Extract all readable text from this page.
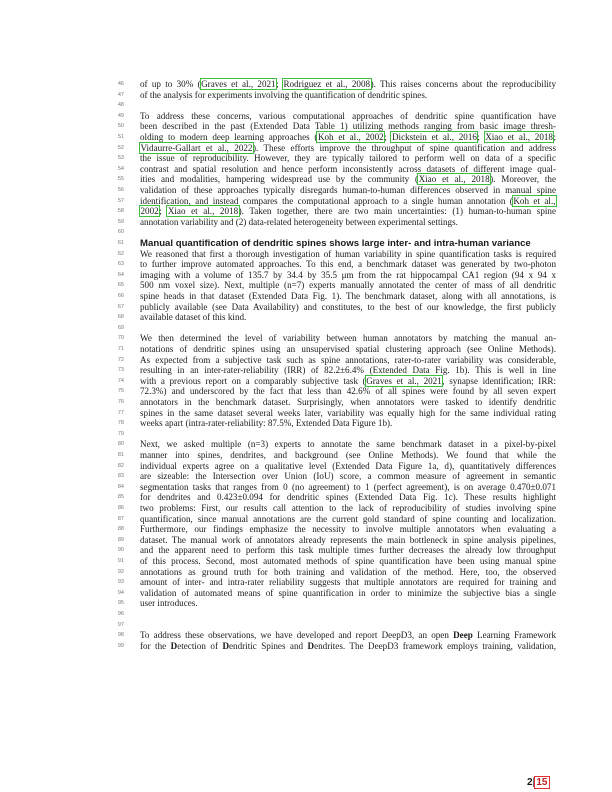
46 of up to 30% (Graves et al., 2021; Rodriguez et al., 2008). This raises concerns about the reproducibility
47 of the analysis for experiments involving the quantification of dendritic spines.
48
49 To address these concerns, various computational approaches of dendritic spine quantification have
50 been described in the past (Extended Data Table 1) utilizing methods ranging from basic image thresh-
51 olding to modern deep learning approaches (Koh et al., 2002; Dickstein et al., 2016; Xiao et al., 2018;
52 Vidaurre-Gallart et al., 2022). These efforts improve the throughput of spine quantification and address
53 the issue of reproducibility. However, they are typically tailored to perform well on data of a specific
54 contrast and spatial resolution and hence perform inconsistently across datasets of different image qual-
55 ities and modalities, hampering widespread use by the community (Xiao et al., 2018). Moreover, the
56 validation of these approaches typically disregards human-to-human differences observed in manual spine
57 identification, and instead compares the computational approach to a single human annotation (Koh et al.,
58 2002; Xiao et al., 2018). Taken together, there are two main uncertainties: (1) human-to-human spine
59 annotation variability and (2) data-related heterogeneity between experimental settings.
60
61 Manual quantification of dendritic spines shows large inter- and intra-human variance
62 We reasoned that first a thorough investigation of human variability in spine quantification tasks is required
63 to further improve automated approaches. To this end, a benchmark dataset was generated by two-photon
64 imaging with a volume of 135.7 by 34.4 by 35.5 μm from the rat hippocampal CA1 region (94 x 94 x
65 500 nm voxel size). Next, multiple (n=7) experts manually annotated the center of mass of all dendritic
66 spine heads in that dataset (Extended Data Fig. 1). The benchmark dataset, along with all annotations, is
67 publicly available (see Data Availability) and constitutes, to the best of our knowledge, the first publicly
68 available dataset of this kind.
69
70 We then determined the level of variability between human annotators by matching the manual an-
71 notations of dendritic spines using an unsupervised spatial clustering approach (see Online Methods).
72 As expected from a subjective task such as spine annotations, rater-to-rater variability was considerable,
73 resulting in an inter-rater-reliability (IRR) of 82.2±6.4% (Extended Data Fig. 1b). This is well in line
74 with a previous report on a comparably subjective task (Graves et al., 2021, synapse identification; IRR:
75 72.3%) and underscored by the fact that less than 42.6% of all spines were found by all seven expert
76 annotators in the benchmark dataset. Surprisingly, when annotators were tasked to identify dendritic
77 spines in the same dataset several weeks later, variability was equally high for the same individual rating
78 weeks apart (intra-rater-reliability: 87.5%, Extended Data Figure 1b).
79
80 Next, we asked multiple (n=3) experts to annotate the same benchmark dataset in a pixel-by-pixel
81 manner into spines, dendrites, and background (see Online Methods). We found that while the
82 individual experts agree on a qualitative level (Extended Data Figure 1a, d), quantitatively differences
83 are sizeable: the Intersection over Union (IoU) score, a common measure of agreement in semantic
84 segmentation tasks that ranges from 0 (no agreement) to 1 (perfect agreement), is on average 0.470±0.071
85 for dendrites and 0.423±0.094 for dendritic spines (Extended Data Fig. 1c). These results highlight
86 two problems: First, our results call attention to the lack of reproducibility of studies involving spine
87 quantification, since manual annotations are the current gold standard of spine counting and localization.
88 Furthermore, our findings emphasize the necessity to involve multiple annotators when evaluating a
89 dataset. The manual work of annotators already represents the main bottleneck in spine analysis pipelines,
90 and the apparent need to perform this task multiple times further decreases the already low throughput
91 of this process. Second, most automated methods of spine quantification have been using manual spine
92 annotations as ground truth for both training and validation of the method. Here, too, the observed
93 amount of inter- and intra-rater reliability suggests that multiple annotators are required for training and
94 validation of automated means of spine quantification in order to minimize the subjective bias a single
95 user introduces.
96
97
98 To address these observations, we have developed and report DeepD3, an open Deep Learning Framework
99 for the Detection of Dendritic Spines and Dendrites. The DeepD3 framework employs training, validation,
2|15
